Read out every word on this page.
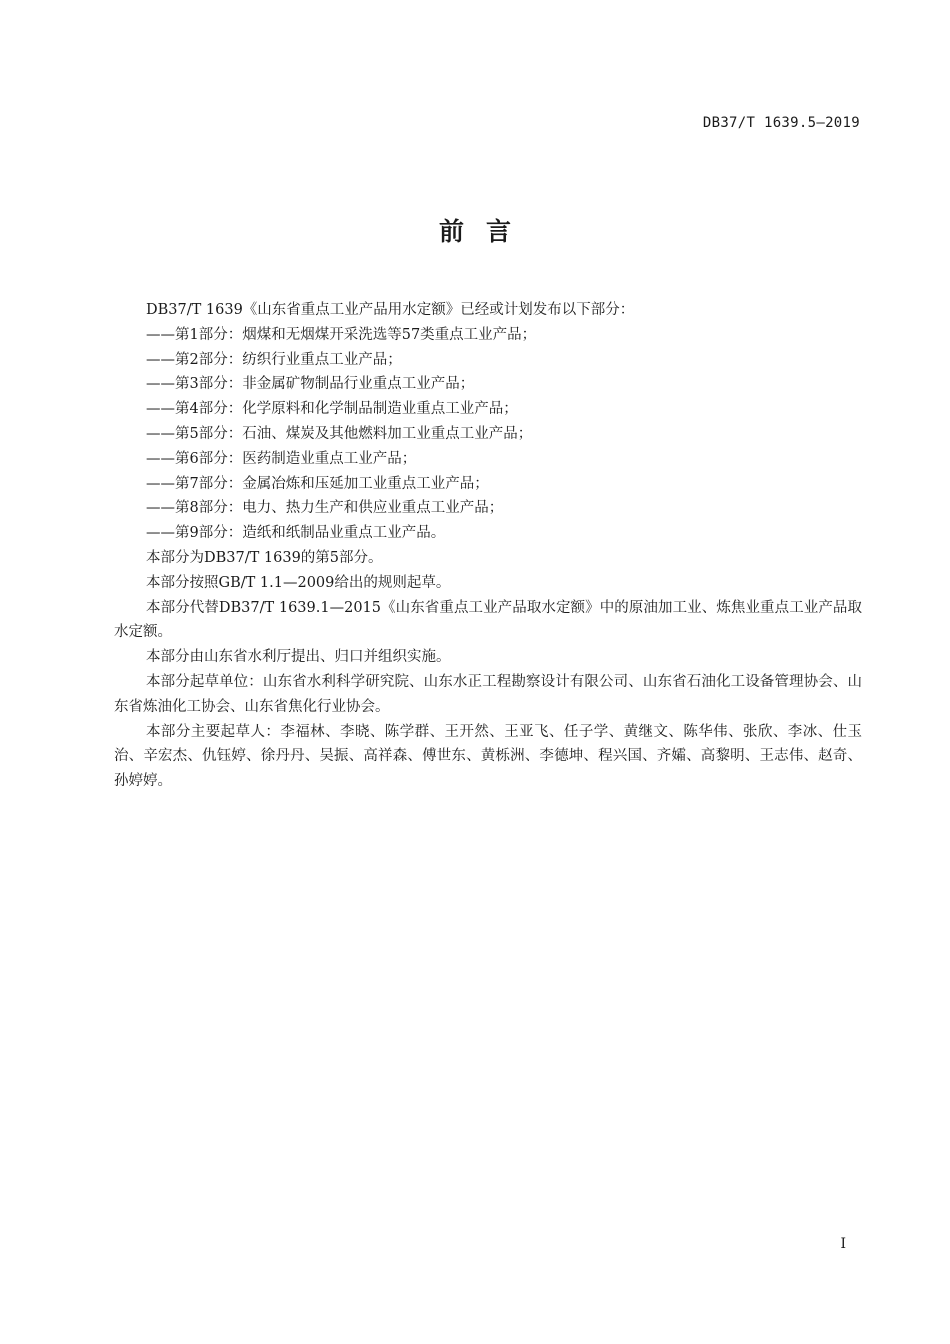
DB37/T 1639.5—2019
前言

DB37/T 1639《山东省重点工业产品用水定额》已经或计划发布以下部分：

——第1部分：烟煤和无烟煤开采洗选等57类重点工业产品；

——第2部分：纺织行业重点工业产品；

——第3部分：非金属矿物制品行业重点工业产品；

——第4部分：化学原料和化学制品制造业重点工业产品；

——第5部分：石油、煤炭及其他燃料加工业重点工业产品；

——第6部分：医药制造业重点工业产品；

——第7部分：金属冶炼和压延加工业重点工业产品；

——第8部分：电力、热力生产和供应业重点工业产品；

——第9部分：造纸和纸制品业重点工业产品。

本部分为DB37/T 1639的第5部分。

本部分按照GB/T 1.1—2009给出的规则起草。

本部分代替DB37/T 1639.1—2015《山东省重点工业产品取水定额》中的原油加工业、炼焦业重点工业产品取水定额。

本部分由山东省水利厅提出、归口并组织实施。

本部分起草单位：山东省水利科学研究院、山东水正工程勘察设计有限公司、山东省石油化工设备管理协会、山东省炼油化工协会、山东省焦化行业协会。

本部分主要起草人：李福林、李晓、陈学群、王开然、王亚飞、任子学、黄继文、陈华伟、张欣、李冰、仕玉治、辛宏杰、仇钰婷、徐丹丹、吴振、高祥森、傅世东、黄栎洲、李德坤、程兴国、齐孀、高黎明、王志伟、赵奇、孙婷婷。

I
